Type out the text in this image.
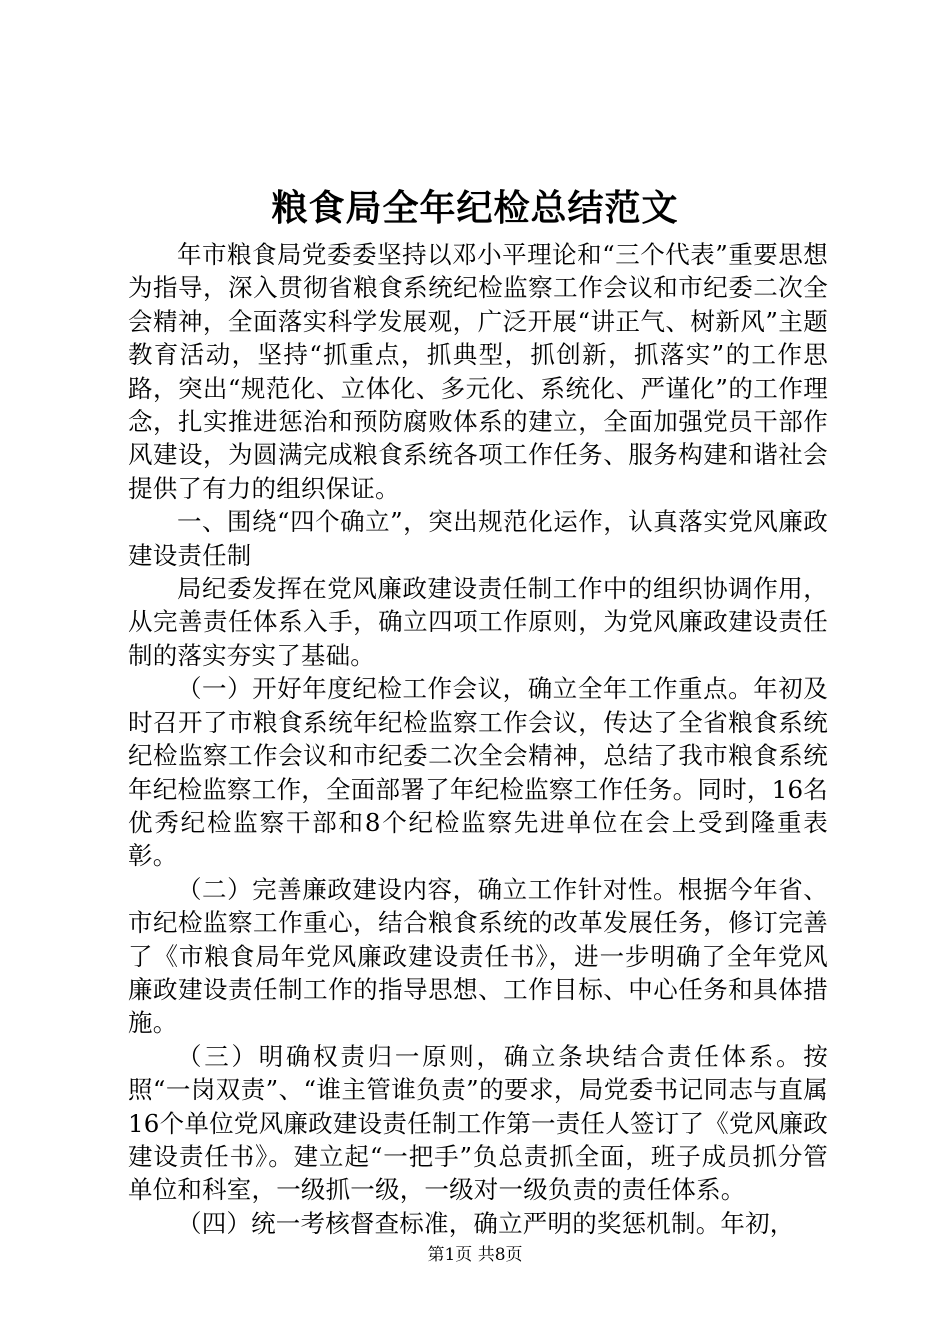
粮食局全年纪检总结范文

年市粮食局党委委坚持以邓小平理论和“三个代表”重要思想为指导，深入贯彻省粮食系统纪检监察工作会议和市纪委二次全会精神，全面落实科学发展观，广泛开展“讲正气、树新风”主题教育活动，坚持“抓重点，抓典型，抓创新，抓落实”的工作思路，突出“规范化、立体化、多元化、系统化、严谨化”的工作理念，扎实推进惩治和预防腐败体系的建立，全面加强党员干部作风建设，为圆满完成粮食系统各项工作任务、服务构建和谐社会提供了有力的组织保证。

一、围绕“四个确立”，突出规范化运作，认真落实党风廉政建设责任制

局纪委发挥在党风廉政建设责任制工作中的组织协调作用，从完善责任体系入手，确立四项工作原则，为党风廉政建设责任制的落实夯实了基础。

（一）开好年度纪检工作会议，确立全年工作重点。年初及时召开了市粮食系统年纪检监察工作会议，传达了全省粮食系统纪检监察工作会议和市纪委二次全会精神，总结了我市粮食系统年纪检监察工作，全面部署了年纪检监察工作任务。同时，16名优秀纪检监察干部和8个纪检监察先进单位在会上受到隆重表彰。

（二）完善廉政建设内容，确立工作针对性。根据今年省、市纪检监察工作重心，结合粮食系统的改革发展任务，修订完善了《市粮食局年党风廉政建设责任书》，进一步明确了全年党风廉政建设责任制工作的指导思想、工作目标、中心任务和具体措施。

（三）明确权责归一原则，确立条块结合责任体系。按照“一岗双责”、“谁主管谁负责”的要求，局党委书记同志与直属16个单位党风廉政建设责任制工作第一责任人签订了《党风廉政建设责任书》。建立起“一把手”负总责抓全面，班子成员抓分管单位和科室，一级抓一级，一级对一级负责的责任体系。

（四）统一考核督查标准，确立严明的奖惩机制。年初，

第1页 共8页
